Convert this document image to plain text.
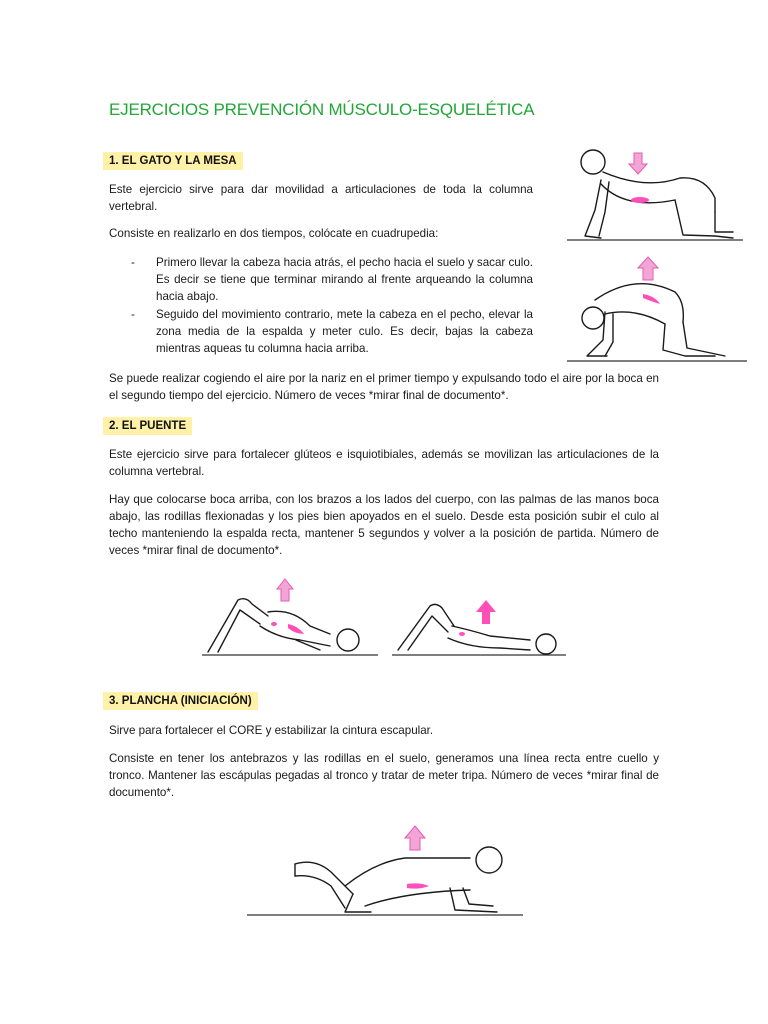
EJERCICIOS PREVENCIÓN MÚSCULO-ESQUELÉTICA
1. EL GATO Y LA MESA
Este ejercicio sirve para dar movilidad a articulaciones de toda la columna vertebral.
Consiste en realizarlo en dos tiempos, colócate en cuadrupedia:
- Primero llevar la cabeza hacia atrás, el pecho hacia el suelo y sacar culo. Es decir se tiene que terminar mirando al frente arqueando la columna hacia abajo.
- Seguido del movimiento contrario, mete la cabeza en el pecho, elevar la zona media de la espalda y meter culo. Es decir, bajas la cabeza mientras aqueas tu columna hacia arriba.
Se puede realizar cogiendo el aire por la nariz en el primer tiempo y expulsando todo el aire por la boca en el segundo tiempo del ejercicio. Número de veces *mirar final de documento*.
2. EL PUENTE
Este ejercicio sirve para fortalecer glúteos e isquiotibiales, además se movilizan las articulaciones de la columna vertebral.
Hay que colocarse boca arriba, con los brazos a los lados del cuerpo, con las palmas de las manos boca abajo, las rodillas flexionadas y los pies bien apoyados en el suelo. Desde esta posición subir el culo al techo manteniendo la espalda recta, mantener 5 segundos y volver a la posición de partida. Número de veces *mirar final de documento*.
3. PLANCHA (INICIACIÓN)
Sirve para fortalecer el CORE y estabilizar la cintura escapular.
Consiste en tener los antebrazos y las rodillas en el suelo, generamos una línea recta entre cuello y tronco. Mantener las escápulas pegadas al tronco y tratar de meter tripa. Número de veces *mirar final de documento*.
